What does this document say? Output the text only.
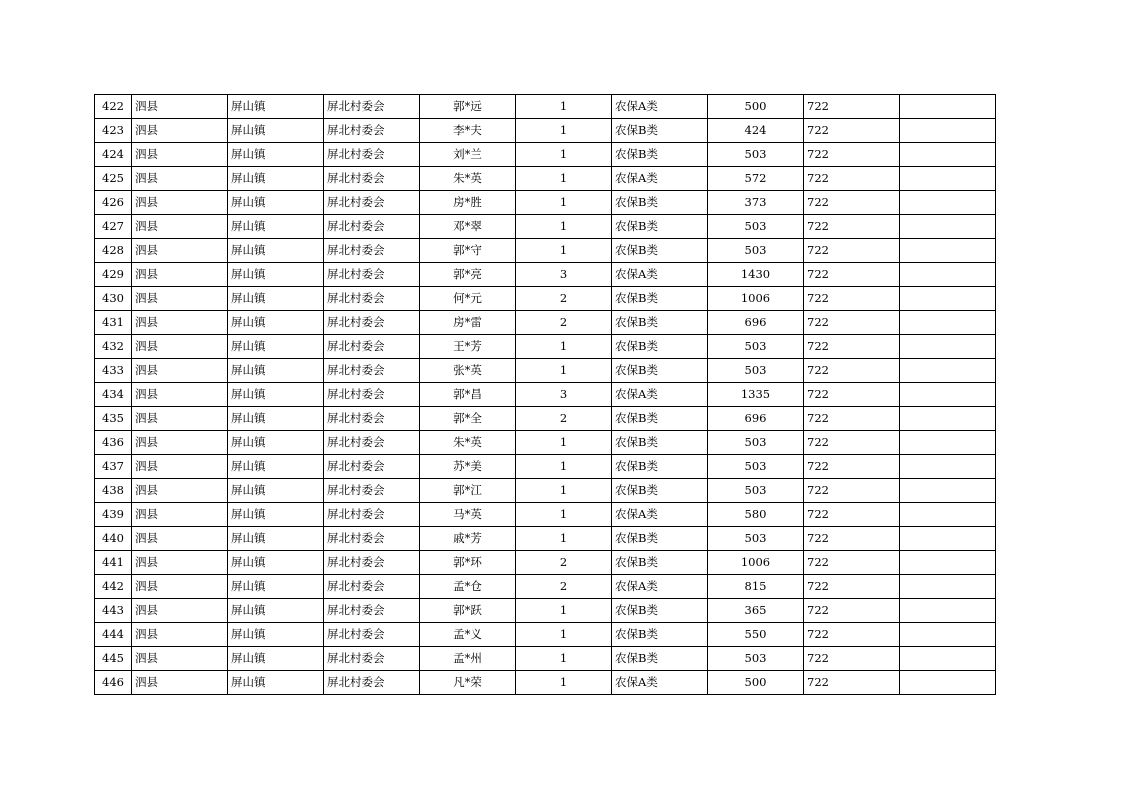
422	泗县	屏山镇	屏北村委会	郭*远	1	农保A类	500	722	
423	泗县	屏山镇	屏北村委会	李*夫	1	农保B类	424	722	
424	泗县	屏山镇	屏北村委会	刘*兰	1	农保B类	503	722	
425	泗县	屏山镇	屏北村委会	朱*英	1	农保A类	572	722	
426	泗县	屏山镇	屏北村委会	房*胜	1	农保B类	373	722	
427	泗县	屏山镇	屏北村委会	邓*翠	1	农保B类	503	722	
428	泗县	屏山镇	屏北村委会	郭*守	1	农保B类	503	722	
429	泗县	屏山镇	屏北村委会	郭*亮	3	农保A类	1430	722	
430	泗县	屏山镇	屏北村委会	何*元	2	农保B类	1006	722	
431	泗县	屏山镇	屏北村委会	房*雷	2	农保B类	696	722	
432	泗县	屏山镇	屏北村委会	王*芳	1	农保B类	503	722	
433	泗县	屏山镇	屏北村委会	张*英	1	农保B类	503	722	
434	泗县	屏山镇	屏北村委会	郭*昌	3	农保A类	1335	722	
435	泗县	屏山镇	屏北村委会	郭*全	2	农保B类	696	722	
436	泗县	屏山镇	屏北村委会	朱*英	1	农保B类	503	722	
437	泗县	屏山镇	屏北村委会	苏*美	1	农保B类	503	722	
438	泗县	屏山镇	屏北村委会	郭*江	1	农保B类	503	722	
439	泗县	屏山镇	屏北村委会	马*英	1	农保A类	580	722	
440	泗县	屏山镇	屏北村委会	戚*芳	1	农保B类	503	722	
441	泗县	屏山镇	屏北村委会	郭*环	2	农保B类	1006	722	
442	泗县	屏山镇	屏北村委会	孟*仓	2	农保A类	815	722	
443	泗县	屏山镇	屏北村委会	郭*跃	1	农保B类	365	722	
444	泗县	屏山镇	屏北村委会	孟*义	1	农保B类	550	722	
445	泗县	屏山镇	屏北村委会	孟*州	1	农保B类	503	722	
446	泗县	屏山镇	屏北村委会	凡*荣	1	农保A类	500	722	
